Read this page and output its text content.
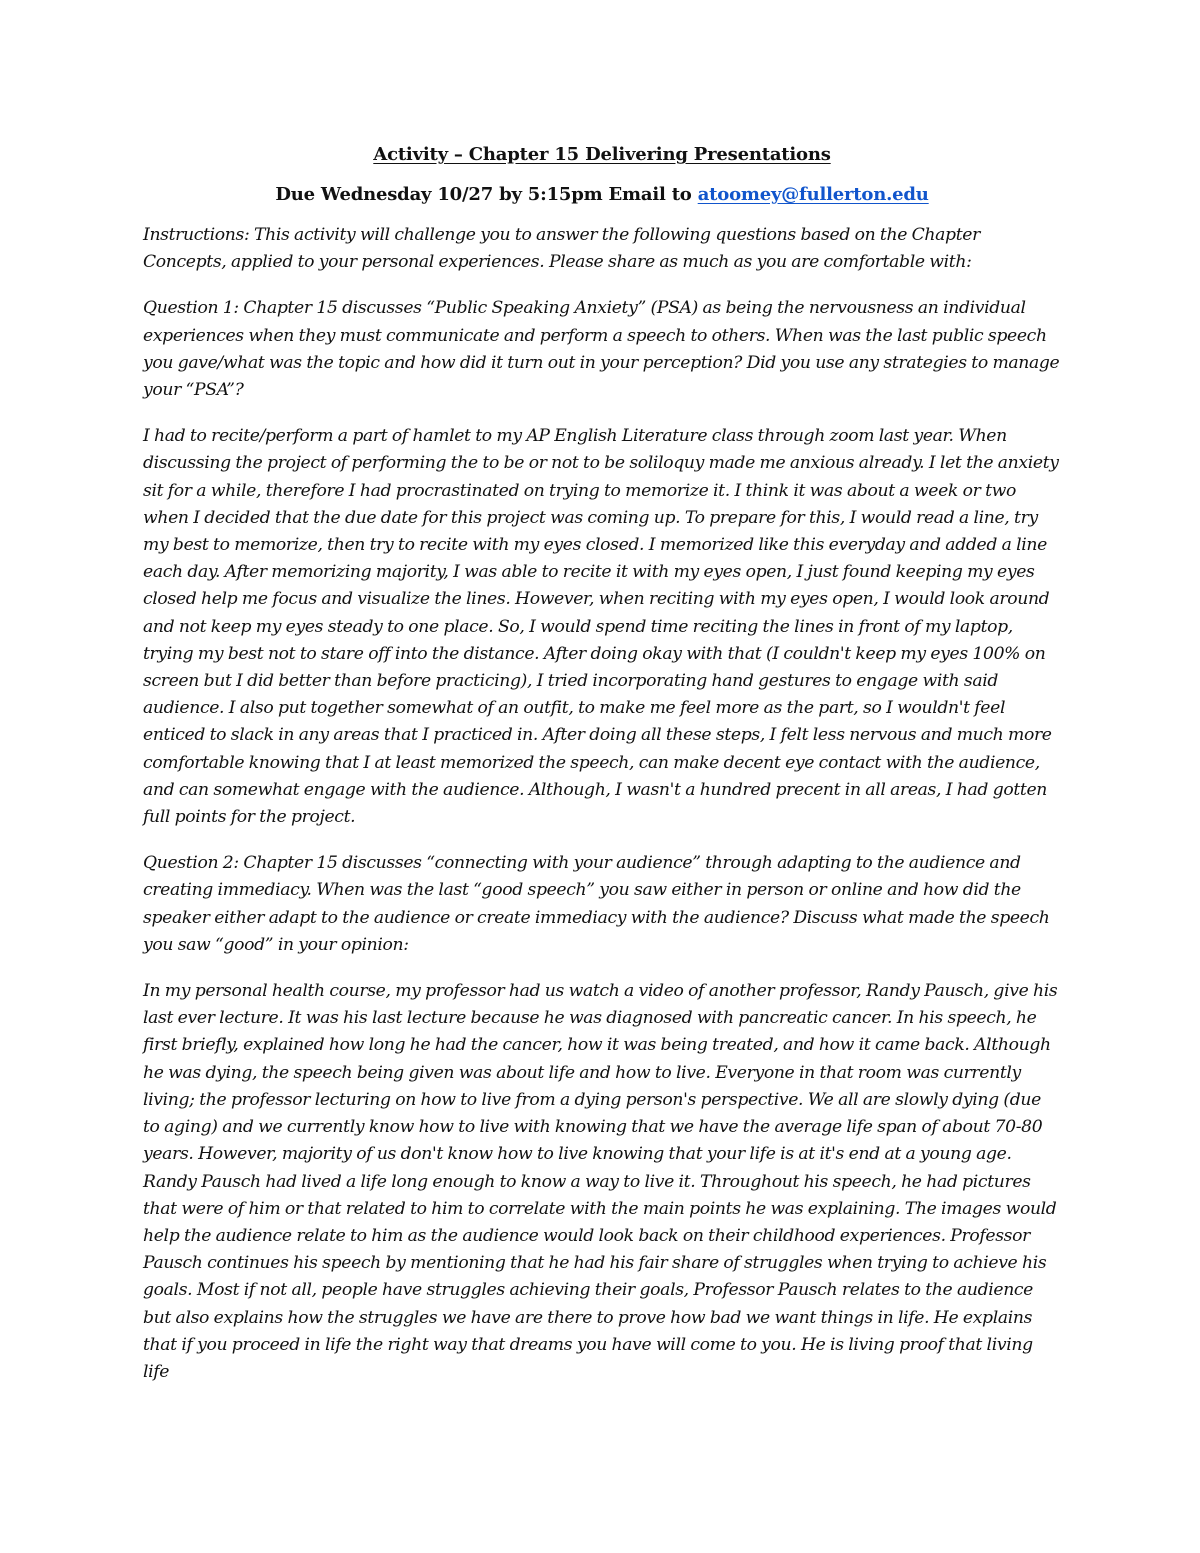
Activity – Chapter 15 Delivering Presentations
Due Wednesday 10/27 by 5:15pm Email to atoomey@fullerton.edu

Instructions: This activity will challenge you to answer the following questions based on the Chapter Concepts, applied to your personal experiences. Please share as much as you are comfortable with:

Question 1: Chapter 15 discusses “Public Speaking Anxiety” (PSA) as being the nervousness an individual experiences when they must communicate and perform a speech to others. When was the last public speech you gave/what was the topic and how did it turn out in your perception? Did you use any strategies to manage your “PSA”?

I had to recite/perform a part of hamlet to my AP English Literature class through zoom last year. When discussing the project of performing the to be or not to be soliloquy made me anxious already. I let the anxiety sit for a while, therefore I had procrastinated on trying to memorize it. I think it was about a week or two when I decided that the due date for this project was coming up. To prepare for this, I would read a line, try my best to memorize, then try to recite with my eyes closed. I memorized like this everyday and added a line each day. After memorizing majority, I was able to recite it with my eyes open, I just found keeping my eyes closed help me focus and visualize the lines. However, when reciting with my eyes open, I would look around and not keep my eyes steady to one place. So, I would spend time reciting the lines in front of my laptop, trying my best not to stare off into the distance. After doing okay with that (I couldn't keep my eyes 100% on screen but I did better than before practicing), I tried incorporating hand gestures to engage with said audience. I also put together somewhat of an outfit, to make me feel more as the part, so I wouldn't feel enticed to slack in any areas that I practiced in. After doing all these steps, I felt less nervous and much more comfortable knowing that I at least memorized the speech, can make decent eye contact with the audience, and can somewhat engage with the audience. Although, I wasn't a hundred precent in all areas, I had gotten full points for the project.

Question 2: Chapter 15 discusses “connecting with your audience” through adapting to the audience and creating immediacy. When was the last “good speech” you saw either in person or online and how did the speaker either adapt to the audience or create immediacy with the audience? Discuss what made the speech you saw “good” in your opinion:

In my personal health course, my professor had us watch a video of another professor, Randy Pausch, give his last ever lecture. It was his last lecture because he was diagnosed with pancreatic cancer. In his speech, he first briefly, explained how long he had the cancer, how it was being treated, and how it came back. Although he was dying, the speech being given was about life and how to live. Everyone in that room was currently living; the professor lecturing on how to live from a dying person's perspective. We all are slowly dying (due to aging) and we currently know how to live with knowing that we have the average life span of about 70-80 years. However, majority of us don't know how to live knowing that your life is at it's end at a young age. Randy Pausch had lived a life long enough to know a way to live it. Throughout his speech, he had pictures that were of him or that related to him to correlate with the main points he was explaining. The images would help the audience relate to him as the audience would look back on their childhood experiences. Professor Pausch continues his speech by mentioning that he had his fair share of struggles when trying to achieve his goals. Most if not all, people have struggles achieving their goals, Professor Pausch relates to the audience but also explains how the struggles we have are there to prove how bad we want things in life. He explains that if you proceed in life the right way that dreams you have will come to you. He is living proof that living life
